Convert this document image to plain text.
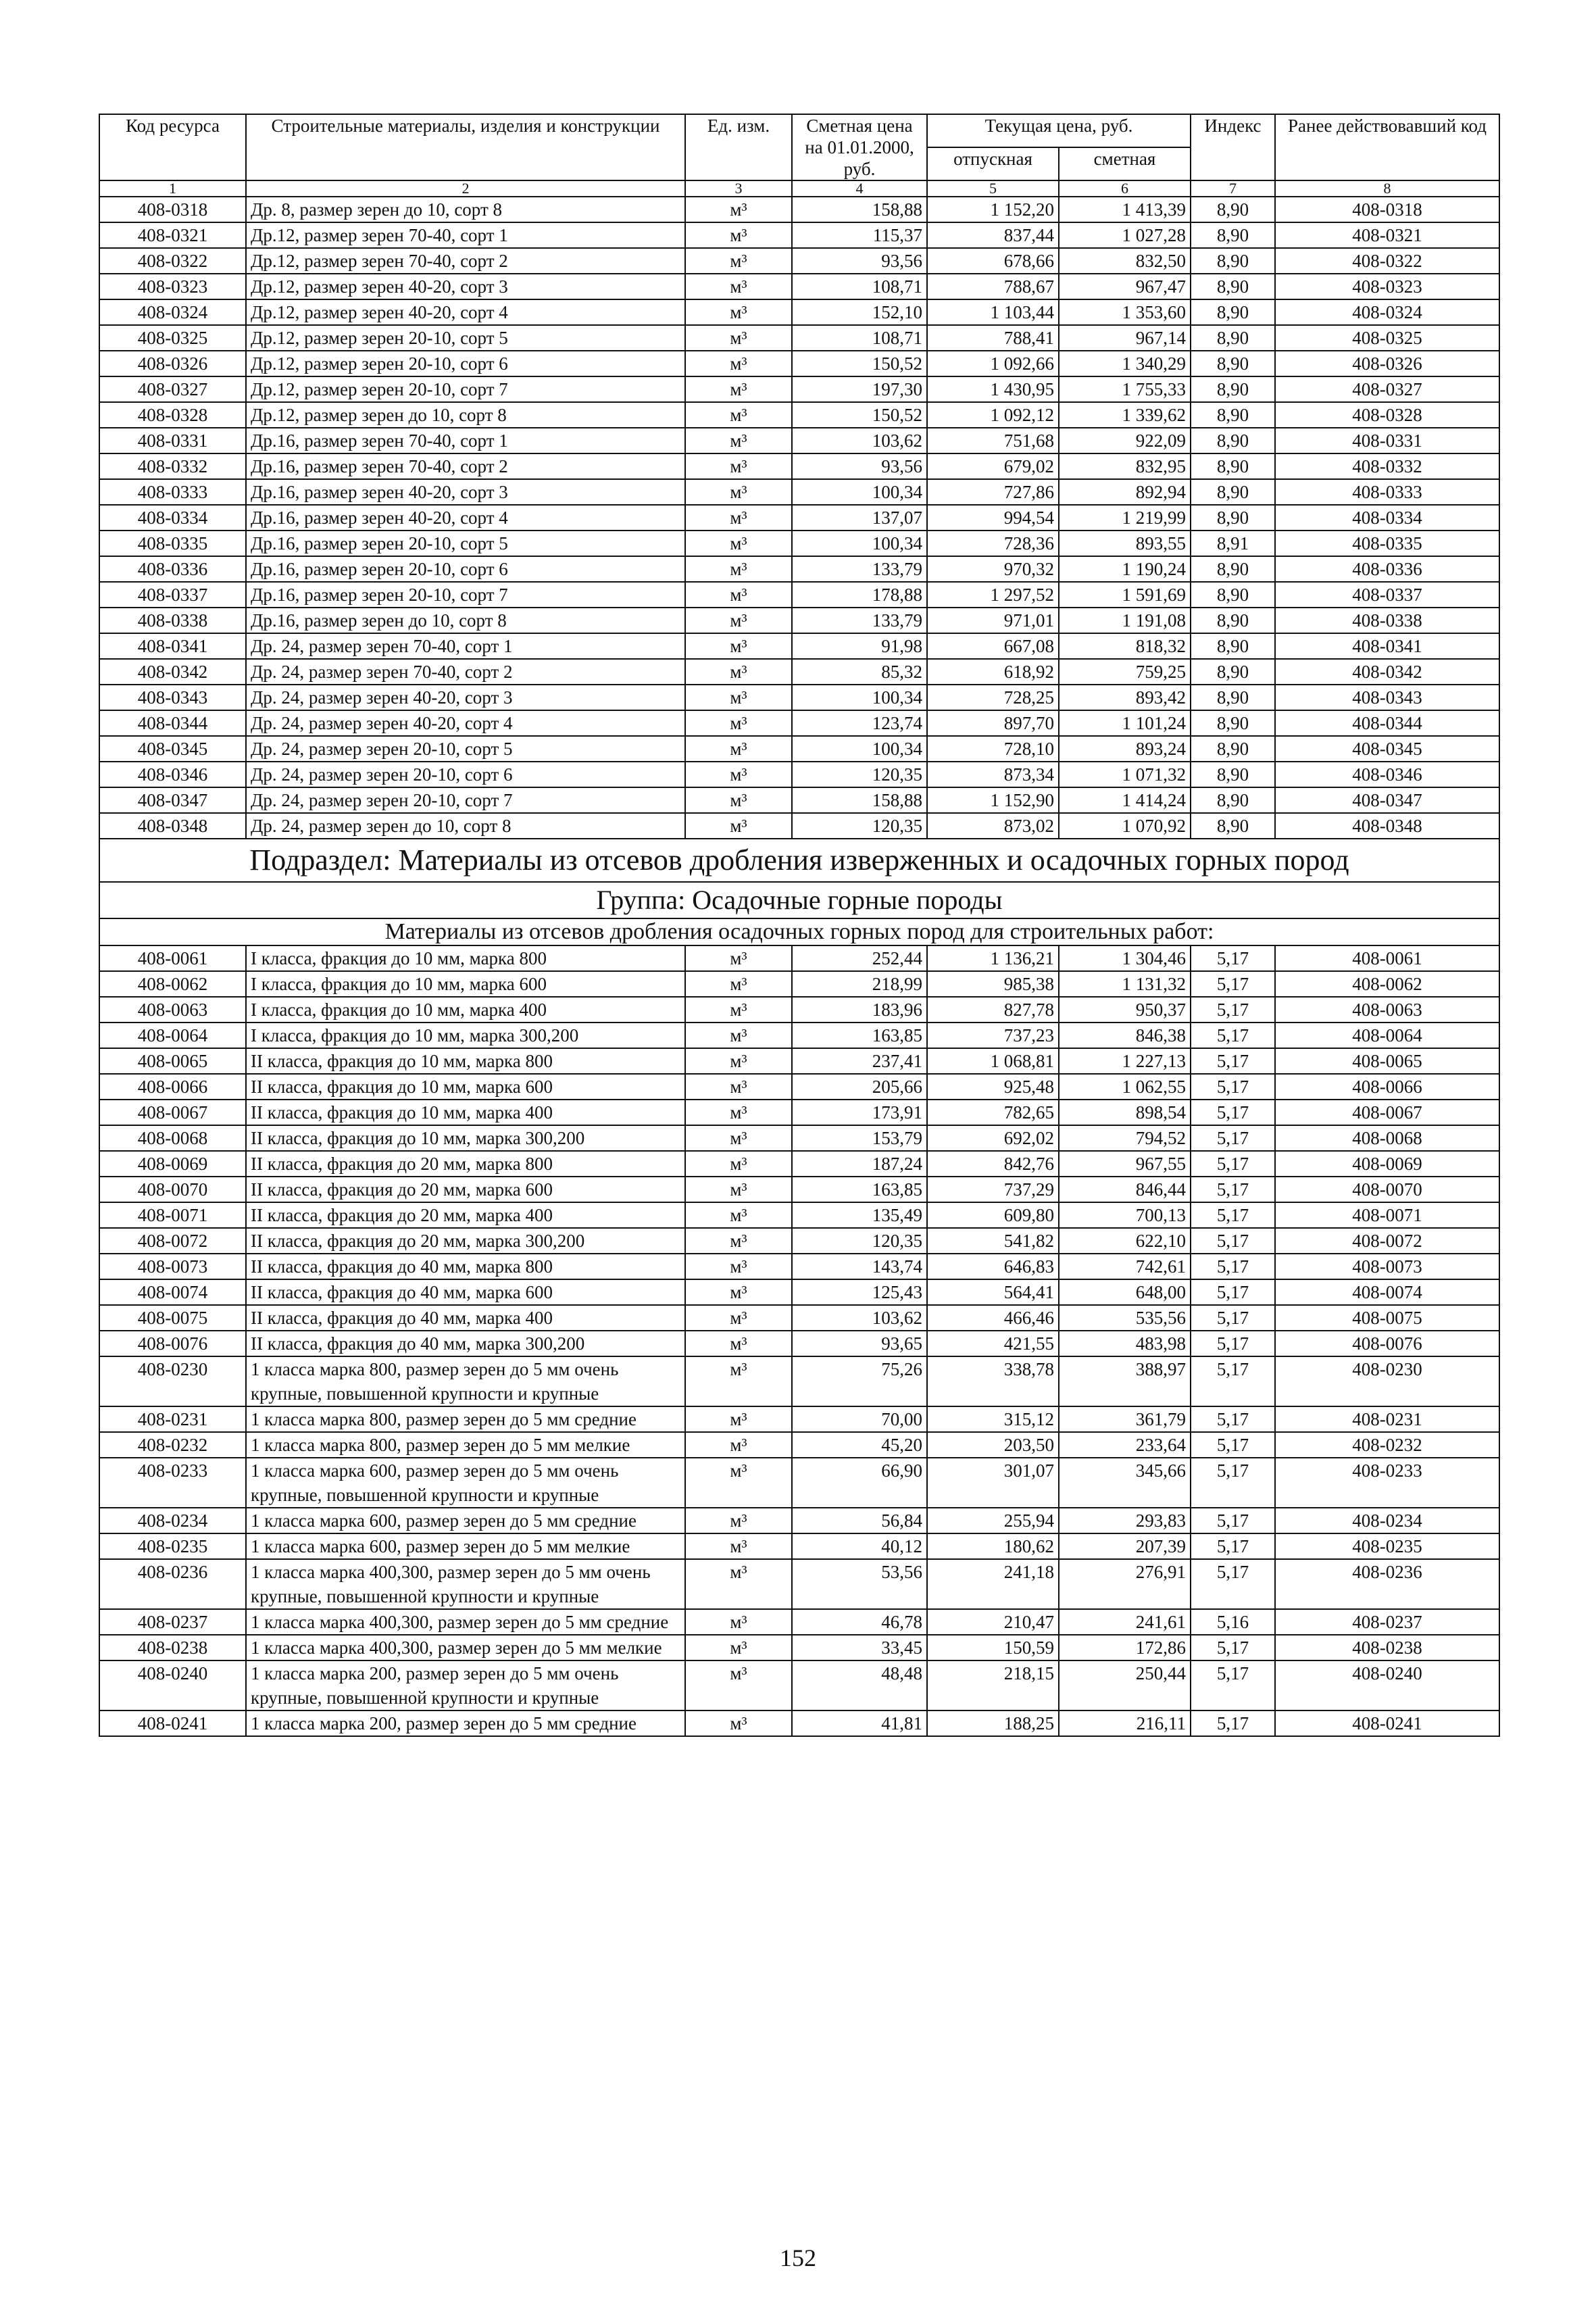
Код ресурса	Строительные материалы, изделия и конструкции	Ед. изм.	Сметная цена на 01.01.2000, руб.	Текущая цена, руб.		Индекс	Ранее действовавший код
				отпускная	сметная		
1	2	3	4	5	6	7	8
408-0318	Др. 8, размер зерен до 10, сорт 8	м³	158,88	1 152,20	1 413,39	8,90	408-0318
408-0321	Др.12, размер зерен 70-40, сорт 1	м³	115,37	837,44	1 027,28	8,90	408-0321
408-0322	Др.12, размер зерен 70-40, сорт 2	м³	93,56	678,66	832,50	8,90	408-0322
408-0323	Др.12, размер зерен 40-20, сорт 3	м³	108,71	788,67	967,47	8,90	408-0323
408-0324	Др.12, размер зерен 40-20, сорт 4	м³	152,10	1 103,44	1 353,60	8,90	408-0324
408-0325	Др.12, размер зерен 20-10, сорт 5	м³	108,71	788,41	967,14	8,90	408-0325
408-0326	Др.12, размер зерен 20-10, сорт 6	м³	150,52	1 092,66	1 340,29	8,90	408-0326
408-0327	Др.12, размер зерен 20-10, сорт 7	м³	197,30	1 430,95	1 755,33	8,90	408-0327
408-0328	Др.12, размер зерен до 10, сорт 8	м³	150,52	1 092,12	1 339,62	8,90	408-0328
408-0331	Др.16, размер зерен 70-40, сорт 1	м³	103,62	751,68	922,09	8,90	408-0331
408-0332	Др.16, размер зерен 70-40, сорт 2	м³	93,56	679,02	832,95	8,90	408-0332
408-0333	Др.16, размер зерен 40-20, сорт 3	м³	100,34	727,86	892,94	8,90	408-0333
408-0334	Др.16, размер зерен 40-20, сорт 4	м³	137,07	994,54	1 219,99	8,90	408-0334
408-0335	Др.16, размер зерен 20-10, сорт 5	м³	100,34	728,36	893,55	8,91	408-0335
408-0336	Др.16, размер зерен 20-10, сорт 6	м³	133,79	970,32	1 190,24	8,90	408-0336
408-0337	Др.16, размер зерен 20-10, сорт 7	м³	178,88	1 297,52	1 591,69	8,90	408-0337
408-0338	Др.16, размер зерен до 10, сорт 8	м³	133,79	971,01	1 191,08	8,90	408-0338
408-0341	Др. 24, размер зерен 70-40, сорт 1	м³	91,98	667,08	818,32	8,90	408-0341
408-0342	Др. 24, размер зерен 70-40, сорт 2	м³	85,32	618,92	759,25	8,90	408-0342
408-0343	Др. 24, размер зерен 40-20, сорт 3	м³	100,34	728,25	893,42	8,90	408-0343
408-0344	Др. 24, размер зерен 40-20, сорт 4	м³	123,74	897,70	1 101,24	8,90	408-0344
408-0345	Др. 24, размер зерен 20-10, сорт 5	м³	100,34	728,10	893,24	8,90	408-0345
408-0346	Др. 24, размер зерен 20-10, сорт 6	м³	120,35	873,34	1 071,32	8,90	408-0346
408-0347	Др. 24, размер зерен 20-10, сорт 7	м³	158,88	1 152,90	1 414,24	8,90	408-0347
408-0348	Др. 24, размер зерен до 10, сорт 8	м³	120,35	873,02	1 070,92	8,90	408-0348
Подраздел: Материалы из отсевов дробления изверженных и осадочных горных пород							
Группа: Осадочные горные породы							
Материалы из отсевов дробления осадочных горных пород для строительных работ:							
408-0061	I класса, фракция до 10 мм, марка 800	м³	252,44	1 136,21	1 304,46	5,17	408-0061
408-0062	I класса, фракция до 10 мм, марка 600	м³	218,99	985,38	1 131,32	5,17	408-0062
408-0063	I класса, фракция до 10 мм, марка 400	м³	183,96	827,78	950,37	5,17	408-0063
408-0064	I класса, фракция до 10 мм, марка 300,200	м³	163,85	737,23	846,38	5,17	408-0064
408-0065	II класса, фракция до 10 мм, марка 800	м³	237,41	1 068,81	1 227,13	5,17	408-0065
408-0066	II класса, фракция до 10 мм, марка 600	м³	205,66	925,48	1 062,55	5,17	408-0066
408-0067	II класса, фракция до 10 мм, марка 400	м³	173,91	782,65	898,54	5,17	408-0067
408-0068	II класса, фракция до 10 мм, марка 300,200	м³	153,79	692,02	794,52	5,17	408-0068
408-0069	II класса, фракция до 20 мм, марка 800	м³	187,24	842,76	967,55	5,17	408-0069
408-0070	II класса, фракция до 20 мм, марка 600	м³	163,85	737,29	846,44	5,17	408-0070
408-0071	II класса, фракция до 20 мм, марка 400	м³	135,49	609,80	700,13	5,17	408-0071
408-0072	II класса, фракция до 20 мм, марка 300,200	м³	120,35	541,82	622,10	5,17	408-0072
408-0073	II класса, фракция до 40 мм, марка 800	м³	143,74	646,83	742,61	5,17	408-0073
408-0074	II класса, фракция до 40 мм, марка 600	м³	125,43	564,41	648,00	5,17	408-0074
408-0075	II класса, фракция до 40 мм, марка 400	м³	103,62	466,46	535,56	5,17	408-0075
408-0076	II класса, фракция до 40 мм, марка 300,200	м³	93,65	421,55	483,98	5,17	408-0076
408-0230	1 класса марка 800, размер зерен до 5 мм очень крупные, повышенной крупности и крупные	м³	75,26	338,78	388,97	5,17	408-0230
408-0231	1 класса марка 800, размер зерен до 5 мм средние	м³	70,00	315,12	361,79	5,17	408-0231
408-0232	1 класса марка 800, размер зерен до 5 мм мелкие	м³	45,20	203,50	233,64	5,17	408-0232
408-0233	1 класса марка 600, размер зерен до 5 мм очень крупные, повышенной крупности и крупные	м³	66,90	301,07	345,66	5,17	408-0233
408-0234	1 класса марка 600, размер зерен до 5 мм средние	м³	56,84	255,94	293,83	5,17	408-0234
408-0235	1 класса марка 600, размер зерен до 5 мм мелкие	м³	40,12	180,62	207,39	5,17	408-0235
408-0236	1 класса марка 400,300, размер зерен до 5 мм очень крупные, повышенной крупности и крупные	м³	53,56	241,18	276,91	5,17	408-0236
408-0237	1 класса марка 400,300, размер зерен до 5 мм средние	м³	46,78	210,47	241,61	5,16	408-0237
408-0238	1 класса марка 400,300, размер зерен до 5 мм мелкие	м³	33,45	150,59	172,86	5,17	408-0238
408-0240	1 класса марка 200, размер зерен до 5 мм очень крупные, повышенной крупности и крупные	м³	48,48	218,15	250,44	5,17	408-0240
408-0241	1 класса марка 200, размер зерен до 5 мм средние	м³	41,81	188,25	216,11	5,17	408-0241
152
